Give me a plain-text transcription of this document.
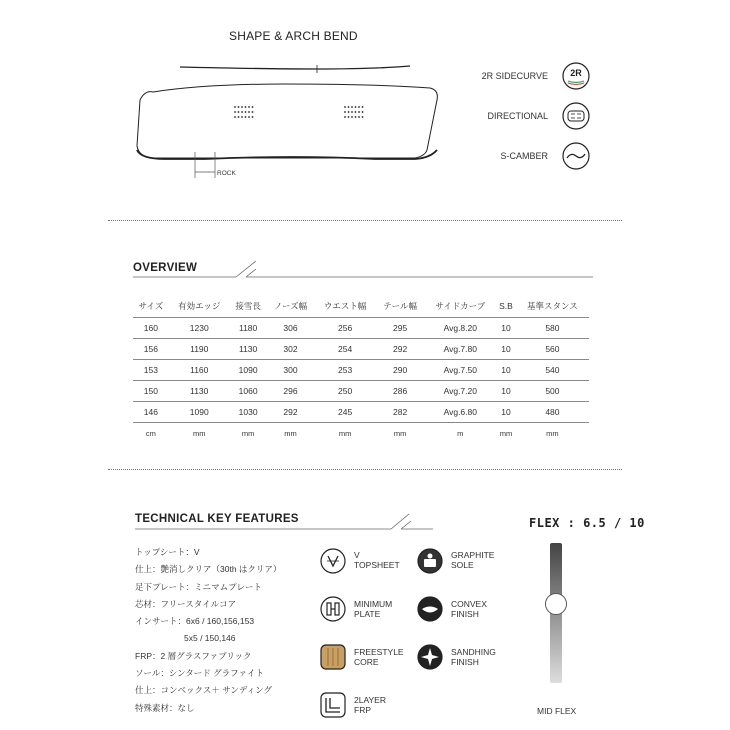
SHAPE & ARCH BEND
ROCK
2R SIDECURVE 2R
DIRECTIONAL
S-CAMBER
OVERVIEW
サイズ	有効エッジ	接雪長	ノーズ幅	ウエスト幅	テール幅	サイドカーブ	S.B	基準スタンス
160	1230	1180	306	256	295	Avg.8.20	10	580
156	1190	1130	302	254	292	Avg.7.80	10	560
153	1160	1090	300	253	290	Avg.7.50	10	540
150	1130	1060	296	250	286	Avg.7.20	10	500
146	1090	1030	292	245	282	Avg.6.80	10	480
cm	mm	mm	mm	mm	mm	m	mm	mm
TECHNICAL KEY FEATURES
トップシート：V
仕上：艶消しクリア（30th はクリア）
足下プレート：ミニマムプレート
芯材：フリースタイルコア
インサート：6x6 / 160,156,153
5x5 / 150,146
FRP：2 層グラスファブリック
ソール：シンタード グラファイト
仕上：コンベックス＋ サンディング
特殊素材：なし
V
TOPSHEET
MINIMUM
PLATE
FREESTYLE
CORE
2LAYER
FRP
GRAPHITE
SOLE
CONVEX
FINISH
SANDHING
FINISH
FLEX : 6.5 / 10
MID FLEX
